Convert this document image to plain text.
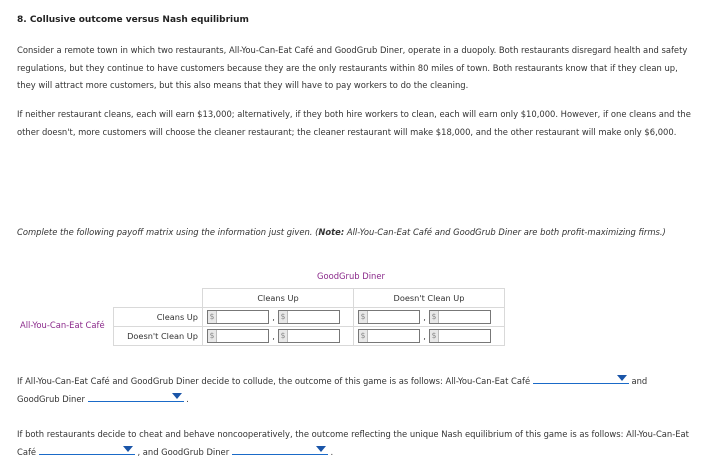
8. Collusive outcome versus Nash equilibrium
Consider a remote town in which two restaurants, All-You-Can-Eat Café and GoodGrub Diner, operate in a duopoly. Both restaurants disregard health and safety regulations, but they continue to have customers because they are the only restaurants within 80 miles of town. Both restaurants know that if they clean up, they will attract more customers, but this also means that they will have to pay workers to do the cleaning.
If neither restaurant cleans, each will earn $13,000; alternatively, if they both hire workers to clean, each will earn only $10,000. However, if one cleans and the other doesn't, more customers will choose the cleaner restaurant; the cleaner restaurant will make $18,000, and the other restaurant will make only $6,000.
Complete the following payoff matrix using the information just given. (Note: All-You-Can-Eat Café and GoodGrub Diner are both profit-maximizing firms.)
GoodGrub Diner
All-You-Can-Eat Café
	Cleans Up	Doesn't Clean Up
Cleans Up	$ , $	$ , $

Doesn't Clean Up	$ , $	$ , $
If All-You-Can-Eat Café and GoodGrub Diner decide to collude, the outcome of this game is as follows: All-You-Can-Eat Café	and
GoodGrub Diner	.
If both restaurants decide to cheat and behave noncooperatively, the outcome reflecting the unique Nash equilibrium of this game is as follows: All-You-Can-Eat Café	, and GoodGrub Diner	.
